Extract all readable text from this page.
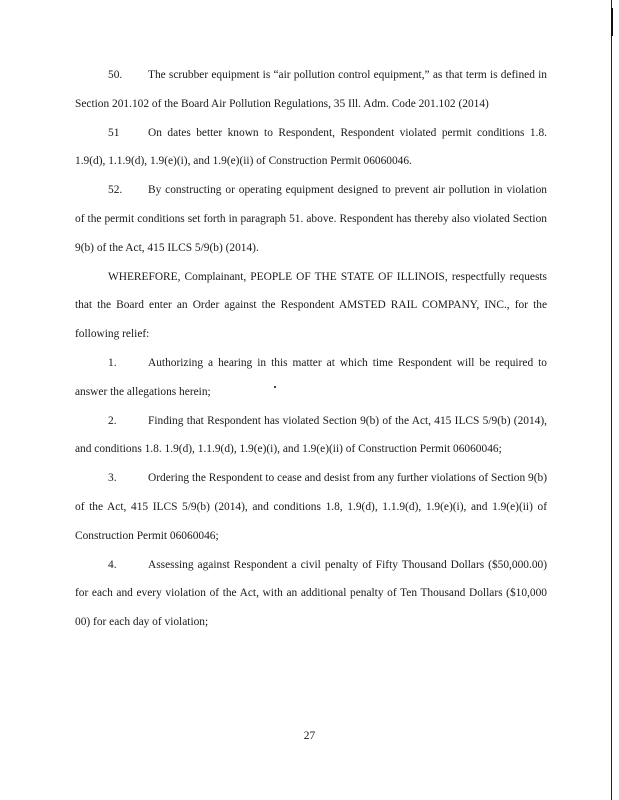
50. The scrubber equipment is “air pollution control equipment,” as that term is defined in Section 201.102 of the Board Air Pollution Regulations, 35 Ill. Adm. Code 201.102 (2014)

51	On dates better known to Respondent, Respondent violated permit conditions 1.8. 1.9(d), 1.1.9(d), 1.9(e)(i), and 1.9(e)(ii) of Construction Permit 06060046.

52. By constructing or operating equipment designed to prevent air pollution in violation of the permit conditions set forth in paragraph 51. above. Respondent has thereby also violated Section 9(b) of the Act, 415 ILCS 5/9(b) (2014).

WHEREFORE, Complainant, PEOPLE OF THE STATE OF ILLINOIS, respectfully requests that the Board enter an Order against the Respondent AMSTED RAIL COMPANY, INC., for the following relief:

1.	Authorizing a hearing in this matter at which time Respondent will be required to answer the allegations herein;

2.	Finding that Respondent has violated Section 9(b) of the Act, 415 ILCS 5/9(b) (2014), and conditions 1.8. 1.9(d), 1.1.9(d), 1.9(e)(i), and 1.9(e)(ii) of Construction Permit 06060046;

3.	Ordering the Respondent to cease and desist from any further violations of Section 9(b) of the Act, 415 ILCS 5/9(b) (2014), and conditions 1.8, 1.9(d), 1.1.9(d), 1.9(e)(i), and 1.9(e)(ii) of Construction Permit 06060046;

4.	Assessing against Respondent a civil penalty of Fifty Thousand Dollars ($50,000.00) for each and every violation of the Act, with an additional penalty of Ten Thousand Dollars ($10,000 00) for each day of violation;

27
